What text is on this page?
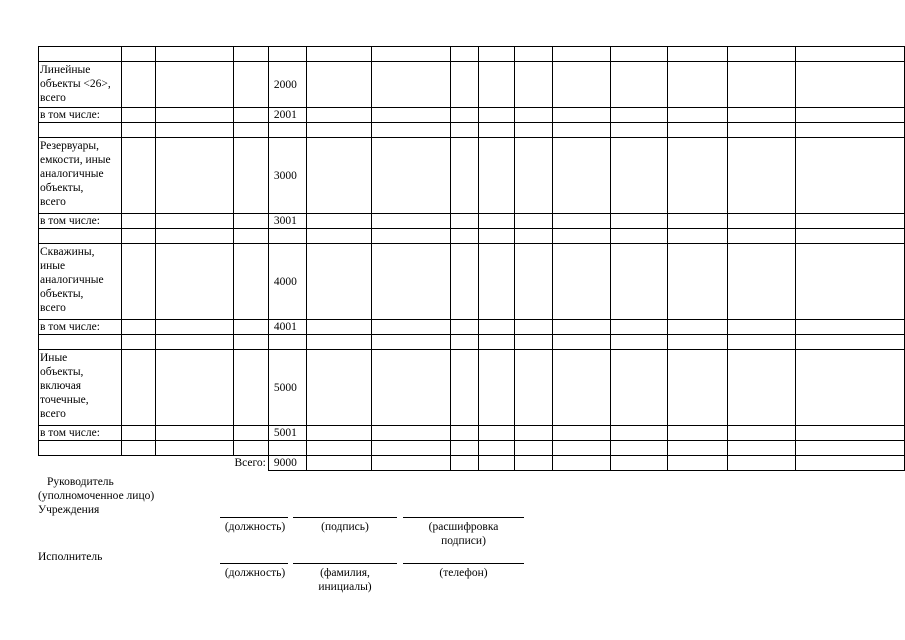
Линейные
объекты <26>,
всего				2000										
в том числе:				2001										

Резервуары,
емкости, иные
аналогичные
объекты,
всего				3000										
в том числе:				3001										

Скважины,
иные
аналогичные
объекты,
всего				4000										
в том числе:				4001										

Иные
объекты,
включая
точечные,
всего				5000										
в том числе:				5001										

			Всего:	9000										
Руководитель
(уполномоченное лицо)
Учреждения
(должность)	(подпись)	(расшифровка
подписи)
Исполнитель
(должность)	(фамилия,
инициалы)
(телефон)
